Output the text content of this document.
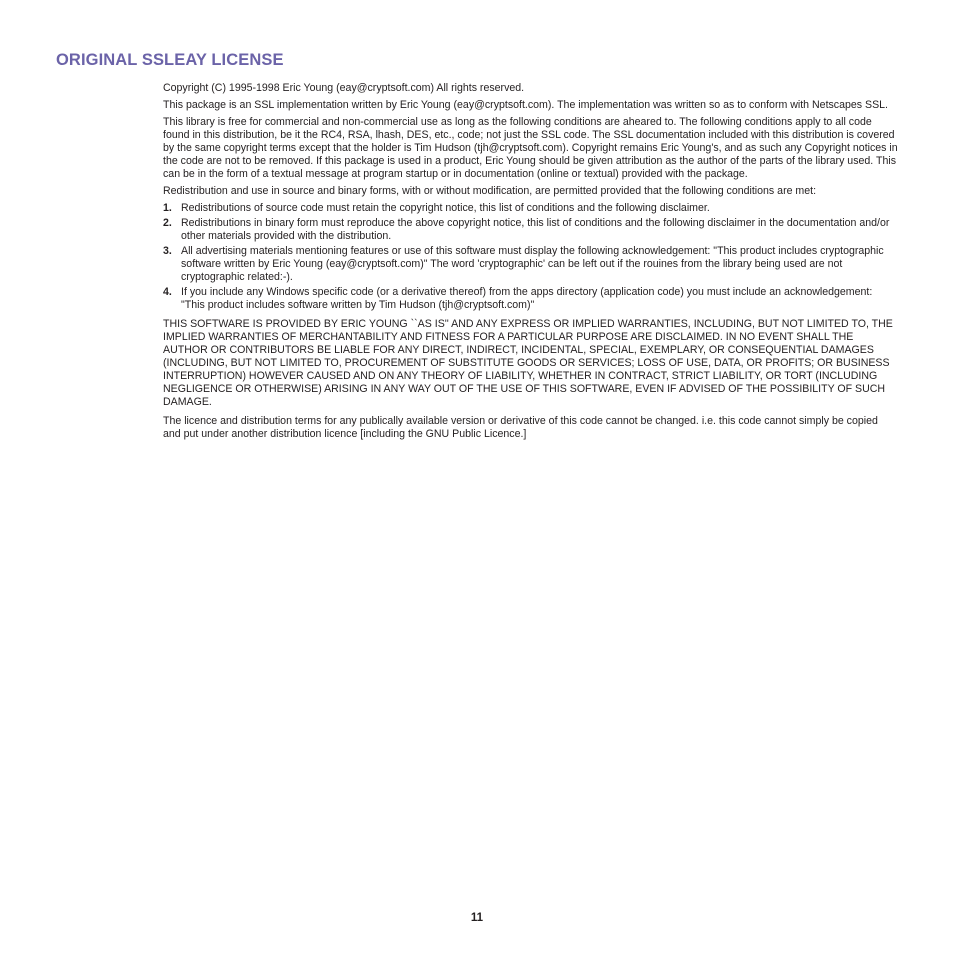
ORIGINAL SSLEAY LICENSE

Copyright (C) 1995-1998 Eric Young (eay@cryptsoft.com) All rights reserved.

This package is an SSL implementation written by Eric Young (eay@cryptsoft.com). The implementation was written so as to conform with Netscapes SSL.

This library is free for commercial and non-commercial use as long as the following conditions are aheared to. The following conditions apply to all code found in this distribution, be it the RC4, RSA, lhash, DES, etc., code; not just the SSL code. The SSL documentation included with this distribution is covered by the same copyright terms except that the holder is Tim Hudson (tjh@cryptsoft.com). Copyright remains Eric Young's, and as such any Copyright notices in the code are not to be removed. If this package is used in a product, Eric Young should be given attribution as the author of the parts of the library used. This can be in the form of a textual message at program startup or in documentation (online or textual) provided with the package.

Redistribution and use in source and binary forms, with or without modification, are permitted provided that the following conditions are met:

1. Redistributions of source code must retain the copyright notice, this list of conditions and the following disclaimer.
2. Redistributions in binary form must reproduce the above copyright notice, this list of conditions and the following disclaimer in the documentation and/or other materials provided with the distribution.
3. All advertising materials mentioning features or use of this software must display the following acknowledgement: "This product includes cryptographic software written by Eric Young (eay@cryptsoft.com)" The word 'cryptographic' can be left out if the rouines from the library being used are not cryptographic related:-).
4. If you include any Windows specific code (or a derivative thereof) from the apps directory (application code) you must include an acknowledgement: "This product includes software written by Tim Hudson (tjh@cryptsoft.com)"

THIS SOFTWARE IS PROVIDED BY ERIC YOUNG ``AS IS'' AND ANY EXPRESS OR IMPLIED WARRANTIES, INCLUDING, BUT NOT LIMITED TO, THE IMPLIED WARRANTIES OF MERCHANTABILITY AND FITNESS FOR A PARTICULAR PURPOSE ARE DISCLAIMED. IN NO EVENT SHALL THE AUTHOR OR CONTRIBUTORS BE LIABLE FOR ANY DIRECT, INDIRECT, INCIDENTAL, SPECIAL, EXEMPLARY, OR CONSEQUENTIAL DAMAGES (INCLUDING, BUT NOT LIMITED TO, PROCUREMENT OF SUBSTITUTE GOODS OR SERVICES; LOSS OF USE, DATA, OR PROFITS; OR BUSINESS INTERRUPTION) HOWEVER CAUSED AND ON ANY THEORY OF LIABILITY, WHETHER IN CONTRACT, STRICT LIABILITY, OR TORT (INCLUDING NEGLIGENCE OR OTHERWISE) ARISING IN ANY WAY OUT OF THE USE OF THIS SOFTWARE, EVEN IF ADVISED OF THE POSSIBILITY OF SUCH DAMAGE.

The licence and distribution terms for any publically available version or derivative of this code cannot be changed. i.e. this code cannot simply be copied and put under another distribution licence [including the GNU Public Licence.]

11
